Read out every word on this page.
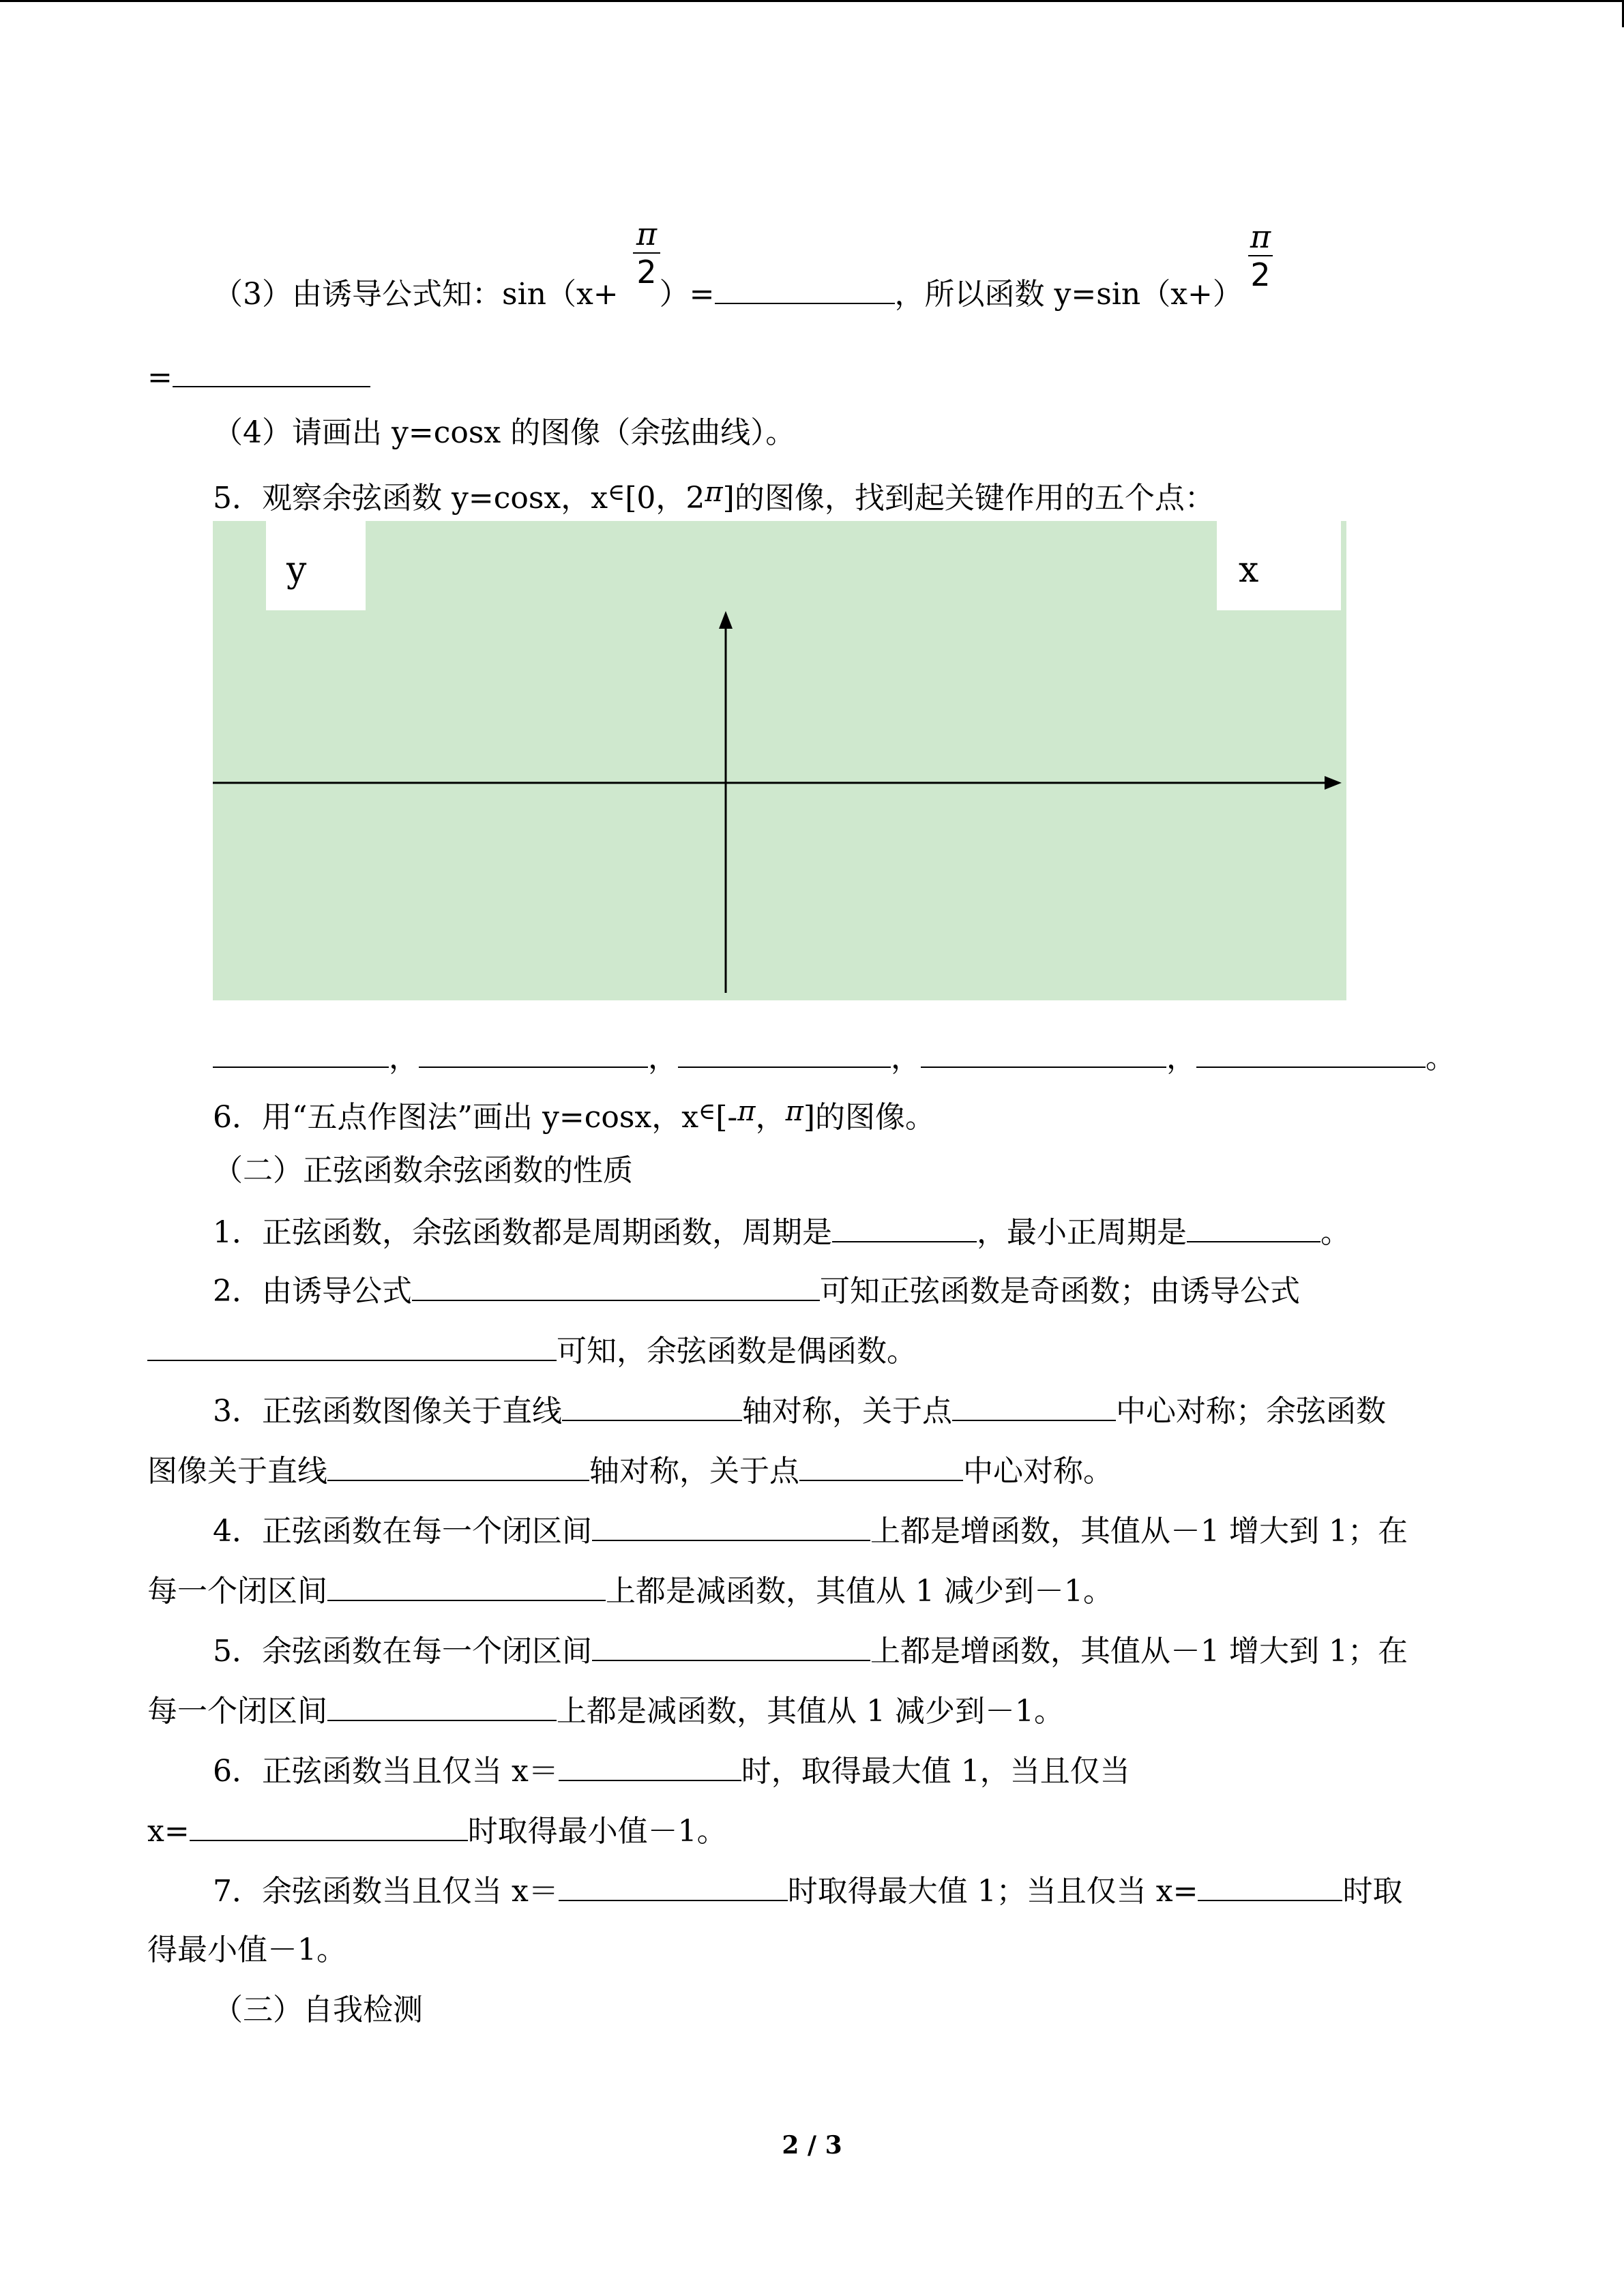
π
2
π
2
（3）由诱导公式知：sin（x+ ）=	，所以函数 y=sin（x+）
=
（4）请画出 y=cosx 的图像（余弦曲线）。
5．观察余弦函数 y=cosx，x∈[0，2π]的图像，找到起关键作用的五个点：
y	x
，	，	，	，	。
6．用“五点作图法”画出 y=cosx，x∈[-π，π]的图像。
（二）正弦函数余弦函数的性质
1．正弦函数，余弦函数都是周期函数，周期是	，最小正周期是	。
2．由诱导公式	可知正弦函数是奇函数；由诱导公式
可知，余弦函数是偶函数。
3．正弦函数图像关于直线	轴对称，关于点	中心对称；余弦函数
图像关于直线	轴对称，关于点	中心对称。
4．正弦函数在每一个闭区间	上都是增函数，其值从－1 增大到 1；在
每一个闭区间	上都是减函数，其值从 1 减少到－1。
5．余弦函数在每一个闭区间	上都是增函数，其值从－1 增大到 1；在
每一个闭区间	上都是减函数，其值从 1 减少到－1。
6．正弦函数当且仅当 x＝	时，取得最大值 1，当且仅当
x=	时取得最小值－1。
7．余弦函数当且仅当 x＝	时取得最大值 1；当且仅当 x=	时取
得最小值－1。
（三）自我检测
2 / 3
